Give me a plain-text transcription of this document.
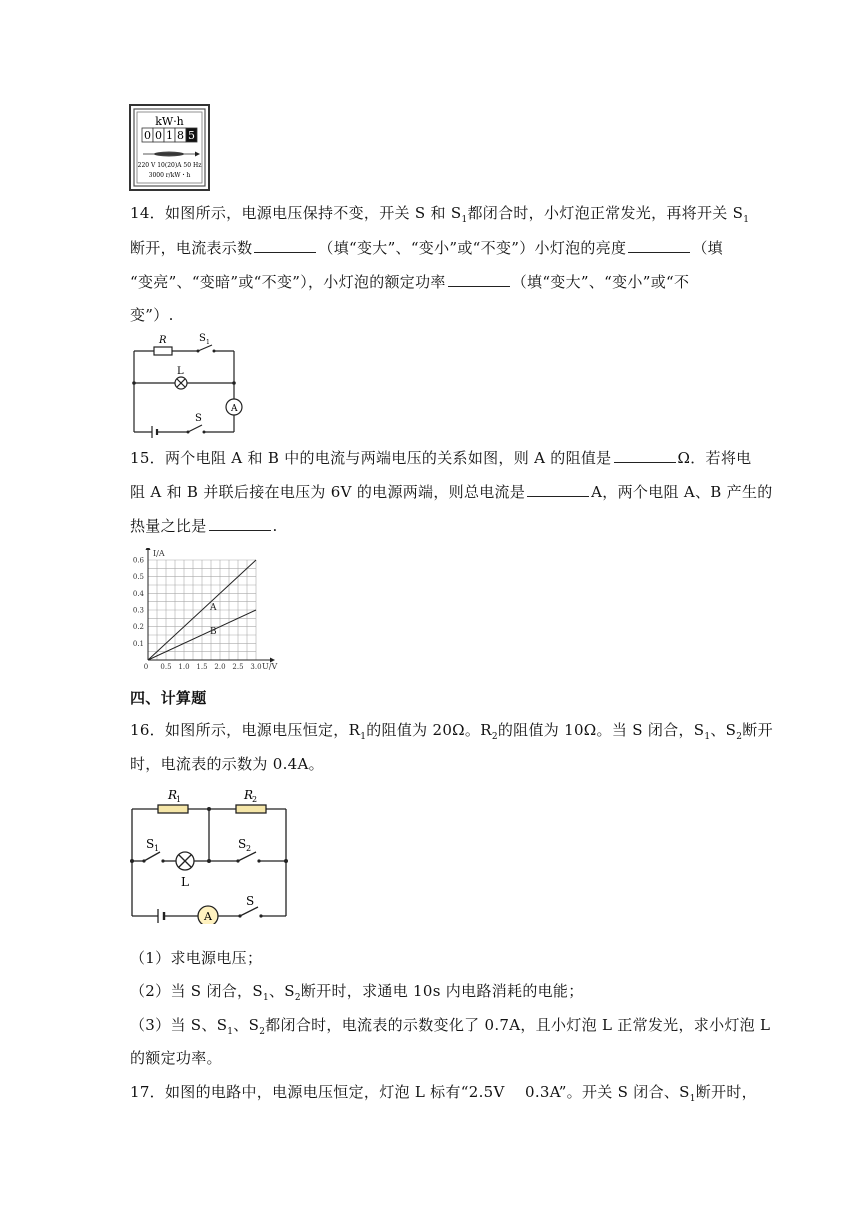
kW·h
0 0 1 8 5
220 V 10(20)A 50 Hz
3000 r/kW・h
14．如图所示，电源电压保持不变，开关 S 和 $S_1$都闭合时，小灯泡正常发光，再将开关 $S_1$
断开，电流表示数	（填“变大”、“变小”或“不变”）小灯泡的亮度	（填
“变亮”、“变暗”或“不变”），小灯泡的额定功率	（填“变大”、“变小”或“不
变”）.
R	S 1
L
A
S
15．两个电阻 A 和 B 中的电流与两端电压的关系如图，则 A 的阻值是	Ω．若将电
阻 A 和 B 并联后接在电压为 6V 的电源两端，则总电流是	A，两个电阻 A、B 产生的
热量之比是	.
0 0.5 1.0 1.5 2.0 2.5 3.0
0.1
0.2
0.3
0.4
0.5
0.6
I/A
U/V
A
B
四、计算题
16．如图所示，电源电压恒定，$R_1$的阻值为 20Ω。$R_2$的阻值为 10Ω。当 S 闭合，$S_1$、$S_2$断开
时，电流表的示数为 0.4A。
R
1	R
2
S 1	S 2
L
A
S
（1）求电源电压；
（2）当 S 闭合，$S_1$、$S_2$断开时，求通电 10s 内电路消耗的电能；
（3）当 S、$S_1$、$S_2$都闭合时，电流表的示数变化了 0.7A，且小灯泡 L 正常发光，求小灯泡 L
的额定功率。
17．如图的电路中，电源电压恒定，灯泡 L 标有“2.5V　 0.3A”。开关 S 闭合、$S_1$断开时，
